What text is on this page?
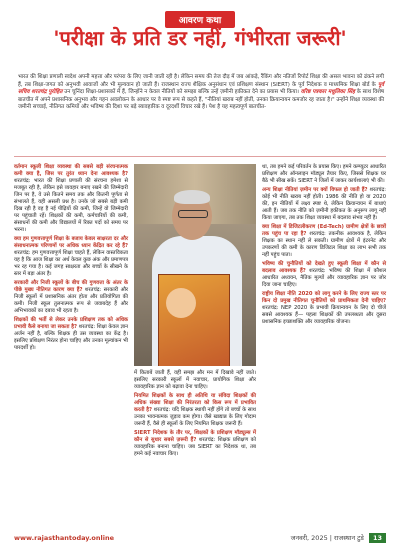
आवरण कथा
'परीक्षा के प्रति डर नहीं, गंभीरता जरूरी'
भारत की शिक्षा प्रणाली स्वदेश अपनी महत्ता और परंपरा के लिए जानी जाती रही है। लेकिन समय की तेज दौड़ में जब आंकड़े, रैंकिंग और नतिजों रिपोर्ट शिक्षा की असल भावना को ढंकने लगी हैं, तब शिक्षा-जगत को अनुभवी आवाजों और भी मूल्यवान हो जाती हैं। राजस्थान राज्य शैक्षिक अनुसंधान एवं प्रशिक्षण संस्थान (SIERT) के पूर्व निदेशक व माध्यमिक शिक्षा बोर्ड के पूर्व सचिव शरतचंद्र पुरोहित उन चुनिंदा शिक्षा-प्रशासकों में हैं, जिन्होंने न केवल नीतियों को समझा बल्कि उन्हें ज़मीनी हकीकत देने का प्रयास भी किया। वरिष्ठ पत्रकार मधुलिका सिंह के साथ विशेष बातचीत में अपने प्रशासनिक अनुभव और गहन अवलोकन के आधार पर वे स्पष्ट रूप से कहते हैं, "नीतियां खराब नहीं होतीं, उनका क्रियान्वयन कमजोर रह जाता है।" उन्होंने शिक्षा व्यवस्था की जमीनी सच्चाई, नीतिगत कमियों और भविष्य की दिशा पर बड़े ब्यावहारिक व दूरदर्शी विचार रखे हैं। पेश है यह महत्वपूर्ण बातचीत-

वर्तमान स्कूली शिक्षा व्यवस्था की सबसे बड़ी संरचनात्मक कमी क्या है, जिस पर तुरंत ध्यान देना आवश्यक है? शरतचंद्र: भारत की शिक्षा प्रणाली की संरचना हमेशा से मजबूत रही है, लेकिन इसे व्यवहार बनाए रखने की जिम्मेदारी जिन पर है, वे उसे कितने समय तक और कितनी पूर्णता से संभालते हैं, यही असली प्रश्न है। उनके जो सबसे बड़ी कमी दिख रही है वह है नई पीढ़ियों की कमी, जिन्हें वो जिम्मेदारी पर पहुंचाती रहें। शिक्षकों की कमी, कर्मचारियों की कमी, संसाधनों की कमी और विद्यालयों में रिक्त पदों को समय पर भरना।

क्या हम गुणवत्तापूर्ण शिक्षा के बजाय केवल साक्षरता दर और संसाधनात्मक परिणामों पर अधिक ध्यान केंद्रित कर रहे हैं? शरतचंद्र: हम गुणवत्तापूर्ण शिक्षा चाहते हैं, लेकिन वास्तविकता यह है कि आज शिक्षा का अर्थ केवल कुछ अंक और प्रमाणपत्र भर रह गया है। कई जगह साक्षरता और बच्चों के सीखने के स्तर में बड़ा अंतर है।

सरकारी और निजी स्कूलों के बीच की गुणवत्ता के अंतर के पीछे मुख्य नीतिगत कारण क्या हैं? शरतचंद्र: सरकारी और निजी स्कूलों में प्रशासनिक अंतर होता और प्रतियोगिता की कमी। निजी स्कूल तुलनात्मक रूप से जवाबदेह हैं और अभिभावकों का दबाव भी रहता है।

शिक्षकों की भर्ती से लेकर उनके प्रशिक्षण तक को अधिक प्रभावी कैसे बनाया जा सकता है? शरतचंद्र: शिक्षा केवल ज्ञान अर्जन नहीं है, बल्कि शिक्षक ही उस व्यवस्था का केंद्र है। इसलिए प्रशिक्षण निरंतर होना चाहिए और उनका मूल्यांकन भी पारदर्शी हो।

में किताबें जाती हैं, वहीं समझ और मन में दिखावे नहीं जाते। इसलिए सरकारी स्कूलों में नवाचार, प्रायोगिक शिक्षा और व्यावहारिक ज्ञान को बढ़ावा देना चाहिए।

नियमित शिक्षकों के साथ ही अतिथि या संविदा शिक्षकों की अधिक संख्या शिक्षा की निरंतरता को किस रूप में प्रभावित करती है? शरतचंद्र: यदि शिक्षक स्थायी नहीं होंगे तो बच्चों के साथ उनका भावनात्मक जुड़ाव कम होगा। जैसे खाद्यान्न के लिए गोदाम जरूरी हैं, वैसे ही स्कूलों के लिए नियमित शिक्षक जरूरी हैं।

SIERT निदेशक के तौर पर, शिक्षकों के प्रशिक्षण मॉड्यूल्स में कौन से सुधार सबसे ज़रूरी हैं? शरतचंद्र: शिक्षक प्रशिक्षण को व्यावहारिक बनाना चाहिए। जब SIERT का निदेशक था, तब हमने कई नवाचार किए।

था, तब हमने कई परिवर्तन के प्रयास किए। हमने कम्प्यूटर आधारित प्रशिक्षण और ऑनलाइन मॉड्यूल तैयार किए, जिससे शिक्षक घर बैठे भी सीख सकें। SIERT ने जिलों में जाकर कार्यशालाएं भी की।

अन्य शिक्षा नीतियां ज़मीन पर क्यों विफल हो जाती हैं? शरतचंद्र: कोई भी नीति खराब नहीं होती। 1986 की नीति हो या 2020 की, इन नीतियों में लक्ष्य स्पष्ट थे, लेकिन क्रियान्वयन में बाधाएं आती हैं। जब तक नीति को ज़मीनी हकीकत के अनुरूप लागू नहीं किया जाएगा, तब तक शिक्षा व्यवस्था में बदलाव संभव नहीं है।

क्या शिक्षा में डिजिटलीकरण (Ed-Tech) ग्रामीण क्षेत्रों के छात्रों तक पहुंच पा रहा है? शरतचंद्र: तकनीक आवश्यक है, लेकिन शिक्षक का स्थान नहीं ले सकती। ग्रामीण क्षेत्रों में इंटरनेट और उपकरणों की कमी के कारण डिजिटल शिक्षा का लाभ सभी तक नहीं पहुंच पाता।

भविष्य की चुनौतियों को देखते हुए स्कूली शिक्षा में कौन से बदलाव आवश्यक हैं? शरतचंद्र: भविष्य की शिक्षा में कौशल आधारित अध्ययन, नैतिक मूल्यों और व्यावहारिक ज्ञान पर जोर दिया जाना चाहिए।

राष्ट्रीय शिक्षा नीति 2020 को लागू करने के लिए राज्य स्तर पर किन दो प्रमुख नीतिगत चुनौतियों को प्राथमिकता देनी चाहिए? शरतचंद्र: NEP 2020 के प्रभावी क्रियान्वयन के लिए दो चीजें सबसे आवश्यक हैं— पहला शिक्षकों की उपलब्धता और दूसरा प्रशासनिक इच्छाशक्ति और व्यावहारिक योजना।

www.rajasthantoday.online	जनवरी, 2025 | राजस्थान टुडे 13
